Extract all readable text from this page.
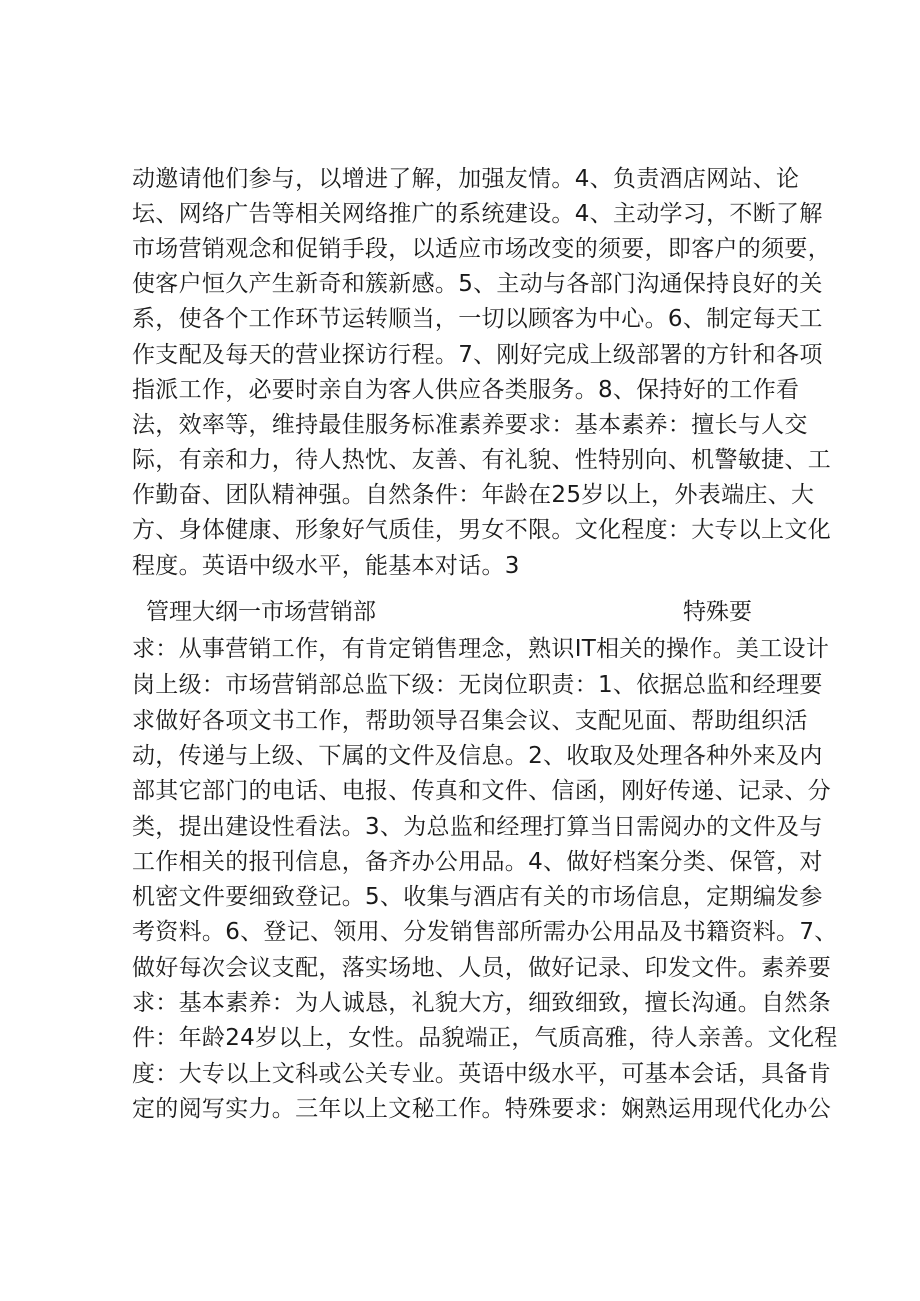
动邀请他们参与，以增进了解，加强友情。4、负责酒店网站、论
坛、网络广告等相关网络推广的系统建设。4、主动学习，不断了解
市场营销观念和促销手段，以适应市场改变的须要，即客户的须要，
使客户恒久产生新奇和簇新感。5、主动与各部门沟通保持良好的关
系，使各个工作环节运转顺当，一切以顾客为中心。6、制定每天工
作支配及每天的营业探访行程。7、刚好完成上级部署的方针和各项
指派工作，必要时亲自为客人供应各类服务。8、保持好的工作看
法，效率等，维持最佳服务标准素养要求：基本素养：擅长与人交
际，有亲和力，待人热忱、友善、有礼貌、性特别向、机警敏捷、工
作勤奋、团队精神强。自然条件：年龄在25岁以上，外表端庄、大
方、身体健康、形象好气质佳，男女不限。文化程度：大专以上文化
程度。英语中级水平，能基本对话。3
管理大纲一市场营销部	特殊要
求：从事营销工作，有肯定销售理念，熟识IT相关的操作。美工设计
岗上级：市场营销部总监下级：无岗位职责：1、依据总监和经理要
求做好各项文书工作，帮助领导召集会议、支配见面、帮助组织活
动，传递与上级、下属的文件及信息。2、收取及处理各种外来及内
部其它部门的电话、电报、传真和文件、信函，刚好传递、记录、分
类，提出建设性看法。3、为总监和经理打算当日需阅办的文件及与
工作相关的报刊信息，备齐办公用品。4、做好档案分类、保管，对
机密文件要细致登记。5、收集与酒店有关的市场信息，定期编发参
考资料。6、登记、领用、分发销售部所需办公用品及书籍资料。7、
做好每次会议支配，落实场地、人员，做好记录、印发文件。素养要
求：基本素养：为人诚恳，礼貌大方，细致细致，擅长沟通。自然条
件：年龄24岁以上，女性。品貌端正，气质高雅，待人亲善。文化程
度：大专以上文科或公关专业。英语中级水平，可基本会话，具备肯
定的阅写实力。三年以上文秘工作。特殊要求：娴熟运用现代化办公
